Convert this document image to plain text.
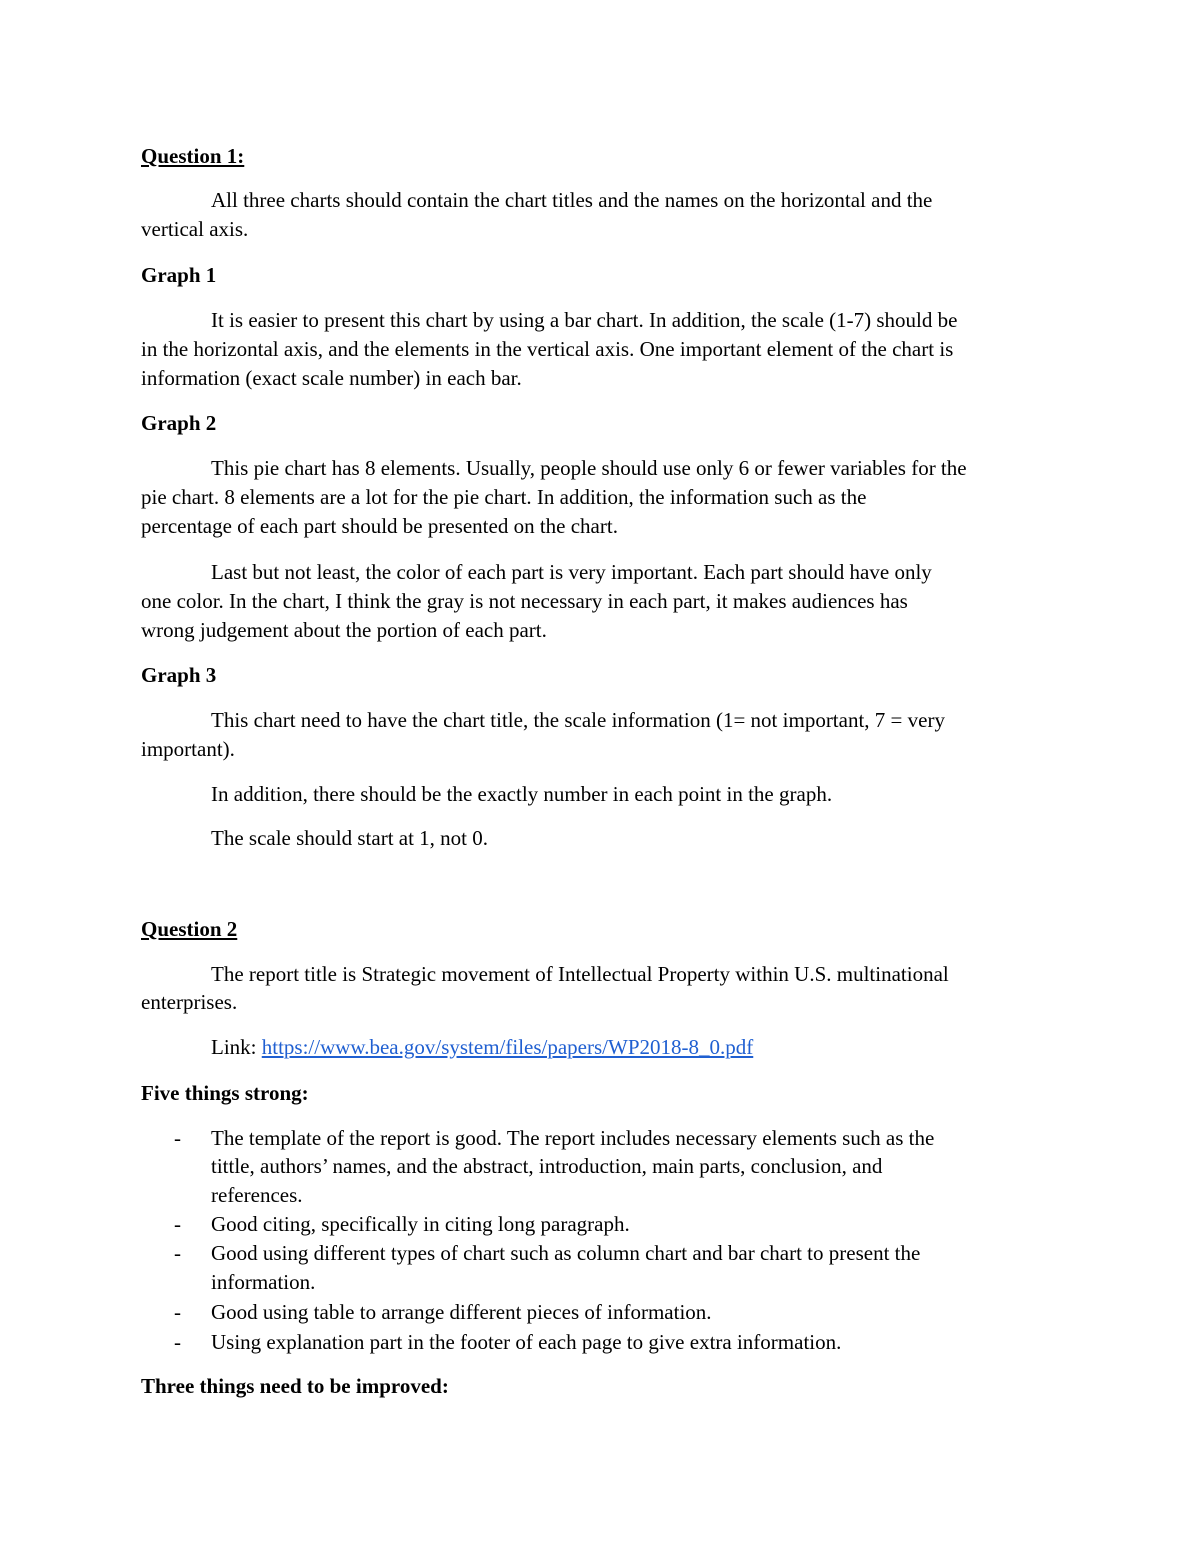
Question 1:
All three charts should contain the chart titles and the names on the horizontal and the
vertical axis.
Graph 1
It is easier to present this chart by using a bar chart. In addition, the scale (1-7) should be
in the horizontal axis, and the elements in the vertical axis. One important element of the chart is
information (exact scale number) in each bar.
Graph 2
This pie chart has 8 elements. Usually, people should use only 6 or fewer variables for the
pie chart. 8 elements are a lot for the pie chart. In addition, the information such as the
percentage of each part should be presented on the chart.
Last but not least, the color of each part is very important. Each part should have only
one color. In the chart, I think the gray is not necessary in each part, it makes audiences has
wrong judgement about the portion of each part.
Graph 3
This chart need to have the chart title, the scale information (1= not important, 7 = very
important).
In addition, there should be the exactly number in each point in the graph.
The scale should start at 1, not 0.
Question 2
The report title is Strategic movement of Intellectual Property within U.S. multinational
enterprises.
Link: https://www.bea.gov/system/files/papers/WP2018-8_0.pdf
Five things strong:
- The template of the report is good. The report includes necessary elements such as the
tittle, authors’ names, and the abstract, introduction, main parts, conclusion, and
references.
- Good citing, specifically in citing long paragraph.
- Good using different types of chart such as column chart and bar chart to present the
information.
- Good using table to arrange different pieces of information.
- Using explanation part in the footer of each page to give extra information.
Three things need to be improved:
